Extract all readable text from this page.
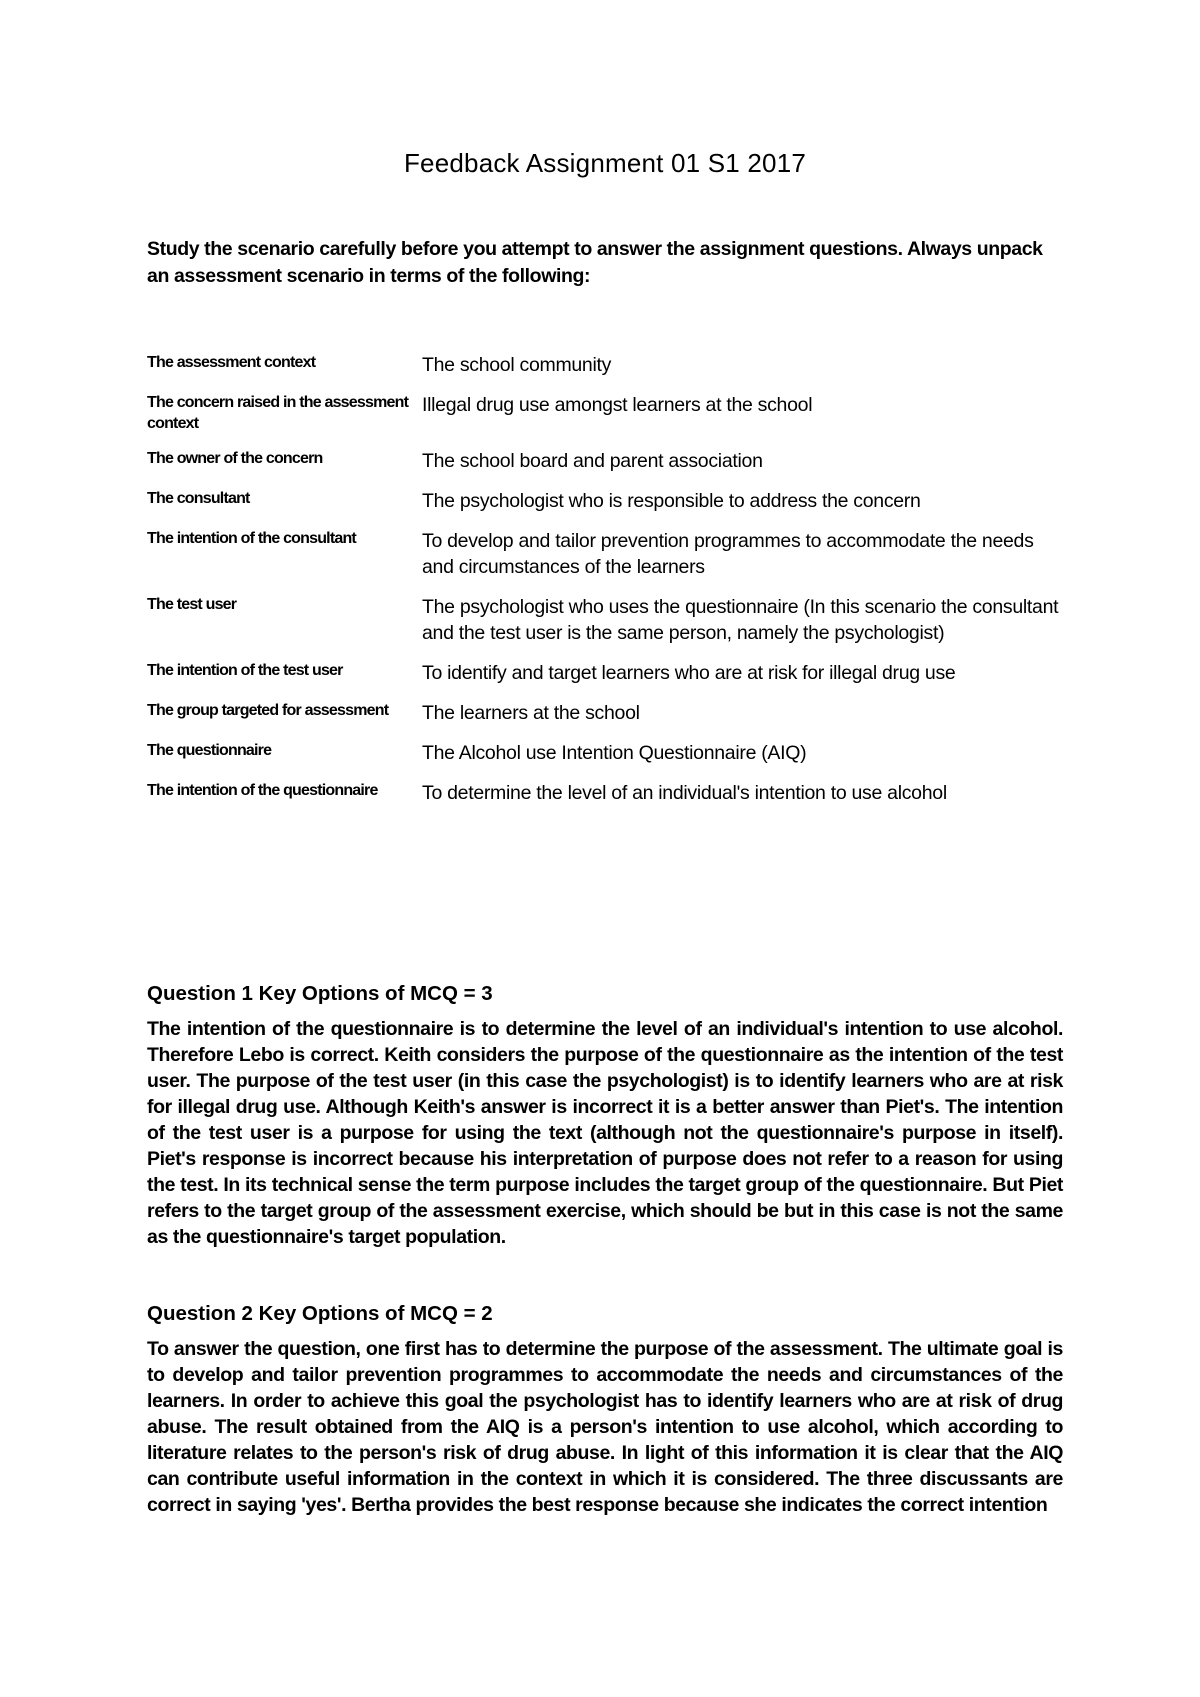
Feedback Assignment 01 S1 2017

Study the scenario carefully before you attempt to answer the assignment questions. Always unpack an assessment scenario in terms of the following:

The assessment context	The school community
The concern raised in the assessment context	Illegal drug use amongst learners at the school
The owner of the concern	The school board and parent association
The consultant	The psychologist who is responsible to address the concern
The intention of the consultant	To develop and tailor prevention programmes to accommodate the needs and circumstances of the learners
The test user	The psychologist who uses the questionnaire (In this scenario the consultant and the test user is the same person, namely the psychologist)
The intention of the test user	To identify and target learners who are at risk for illegal drug use
The group targeted for assessment	The learners at the school
The questionnaire	The Alcohol use Intention Questionnaire (AIQ)
The intention of the questionnaire	To determine the level of an individual's intention to use alcohol
Question 1 Key Options of MCQ = 3

The intention of the questionnaire is to determine the level of an individual's intention to use alcohol. Therefore Lebo is correct. Keith considers the purpose of the questionnaire as the intention of the test user. The purpose of the test user (in this case the psychologist) is to identify learners who are at risk for illegal drug use. Although Keith's answer is incorrect it is a better answer than Piet's. The intention of the test user is a purpose for using the text (although not the questionnaire's purpose in itself). Piet's response is incorrect because his interpretation of purpose does not refer to a reason for using the test. In its technical sense the term purpose includes the target group of the questionnaire. But Piet refers to the target group of the assessment exercise, which should be but in this case is not the same as the questionnaire's target population.

Question 2 Key Options of MCQ = 2

To answer the question, one first has to determine the purpose of the assessment. The ultimate goal is to develop and tailor prevention programmes to accommodate the needs and circumstances of the learners. In order to achieve this goal the psychologist has to identify learners who are at risk of drug abuse. The result obtained from the AIQ is a person's intention to use alcohol, which according to literature relates to the person's risk of drug abuse. In light of this information it is clear that the AIQ can contribute useful information in the context in which it is considered. The three discussants are correct in saying 'yes'. Bertha provides the best response because she indicates the correct intention
